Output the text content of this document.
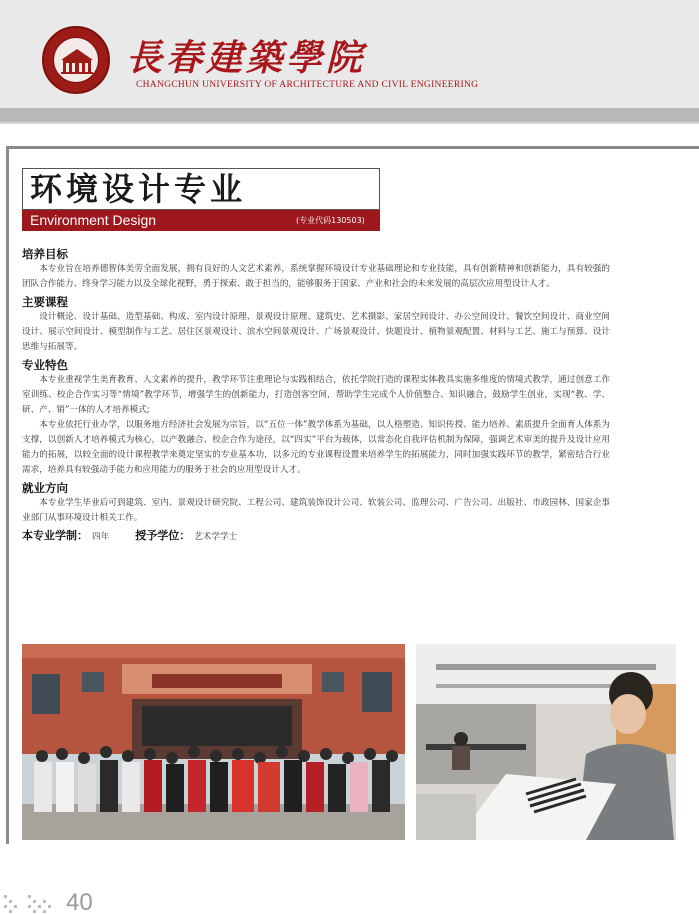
長春建築學院
CHANGCHUN UNIVERSITY OF ARCHITECTURE AND CIVIL ENGINEERING
环境设计专业
Environment Design	(专业代码130503)
培养目标

本专业旨在培养德智体美劳全面发展，拥有良好的人文艺术素养，系统掌握环境设计专业基础理论和专业技能，具有创新精神和创新能力，具有较强的团队合作能力、终身学习能力以及全球化视野，勇于探索、敢于担当的，能够服务于国家、产业和社会的未来发展的高层次应用型设计人才。

主要课程

设计概论、设计基础、造型基础、构成、室内设计原理、景观设计原理、建筑史、艺术摄影、家居空间设计、办公空间设计、餐饮空间设计、商业空间设计、展示空间设计、模型制作与工艺、居住区景观设计、滨水空间景观设计、广场景观设计、快题设计、植物景观配置、材料与工艺、施工与预算、设计思维与拓展等。

专业特色

本专业重视学生美育教育、人文素养的提升，教学环节注重理论与实践相结合，依托学院打造的课程实体教具实施多维度的情境式教学，通过创意工作室训练、校企合作实习等“情境”教学环节，增强学生的创新能力，打造创客空间，帮助学生完成个人价值整合、知识融合，鼓励学生创业，实现“教、学、研、产、销”一体的人才培养模式;

本专业依托行业办学，以服务地方经济社会发展为宗旨，以“五位一体”教学体系为基础，以人格塑造、知识传授、能力培养、素质提升全面育人体系为支撑，以创新人才培养模式为核心，以产教融合、校企合作为途径，以“四实”平台为载体，以常态化自我评估机制为保障，强调艺术审美的提升及设计应用能力的拓展，以较全面的设计课程教学来奠定坚实的专业基本功，以多元的专业课程设置来培养学生的拓展能力，同时加强实践环节的教学，紧密结合行业需求，培养具有较强动手能力和应用能力的服务于社会的应用型设计人才。

就业方向

本专业学生毕业后可到建筑、室内、景观设计研究院、工程公司、建筑装饰设计公司、软装公司、监理公司、广告公司、出版社、市政园林、国家企事业部门从事环境设计相关工作。

本专业学制： 四年 授予学位： 艺术学学士
40
